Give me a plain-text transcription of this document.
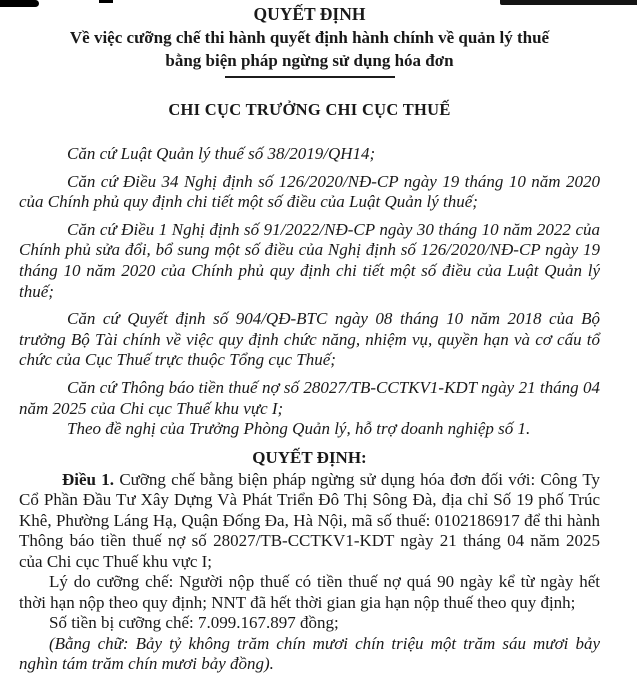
QUYẾT ĐỊNH
Về việc cưỡng chế thi hành quyết định hành chính về quản lý thuế
bằng biện pháp ngừng sử dụng hóa đơn
CHI CỤC TRƯỞNG CHI CỤC THUẾ

Căn cứ Luật Quản lý thuế số 38/2019/QH14;

Căn cứ Điều 34 Nghị định số 126/2020/NĐ-CP ngày 19 tháng 10 năm 2020 của Chính phủ quy định chi tiết một số điều của Luật Quản lý thuế;

Căn cứ Điều 1 Nghị định số 91/2022/NĐ-CP ngày 30 tháng 10 năm 2022 của Chính phủ sửa đổi, bổ sung một số điều của Nghị định số 126/2020/NĐ-CP ngày 19 tháng 10 năm 2020 của Chính phủ quy định chi tiết một số điều của Luật Quản lý thuế;

Căn cứ Quyết định số 904/QĐ-BTC ngày 08 tháng 10 năm 2018 của Bộ trưởng Bộ Tài chính về việc quy định chức năng, nhiệm vụ, quyền hạn và cơ cấu tổ chức của Cục Thuế trực thuộc Tổng cục Thuế;

Căn cứ Thông báo tiền thuế nợ số 28027/TB-CCTKV1-KDT ngày 21 tháng 04 năm 2025 của Chi cục Thuế khu vực I;

Theo đề nghị của Trưởng Phòng Quản lý, hỗ trợ doanh nghiệp số 1.

QUYẾT ĐỊNH:

Điều 1. Cưỡng chế bằng biện pháp ngừng sử dụng hóa đơn đối với: Công Ty Cổ Phần Đầu Tư Xây Dựng Và Phát Triển Đô Thị Sông Đà, địa chỉ Số 19 phố Trúc Khê, Phường Láng Hạ, Quận Đống Đa, Hà Nội, mã số thuế: 0102186917 để thi hành Thông báo tiền thuế nợ số 28027/TB-CCTKV1-KDT ngày 21 tháng 04 năm 2025 của Chi cục Thuế khu vực I;

Lý do cưỡng chế: Người nộp thuế có tiền thuế nợ quá 90 ngày kể từ ngày hết thời hạn nộp theo quy định; NNT đã hết thời gian gia hạn nộp thuế theo quy định;

Số tiền bị cưỡng chế: 7.099.167.897 đồng;

(Bằng chữ: Bảy tỷ không trăm chín mươi chín triệu một trăm sáu mươi bảy nghìn tám trăm chín mươi bảy đồng).
